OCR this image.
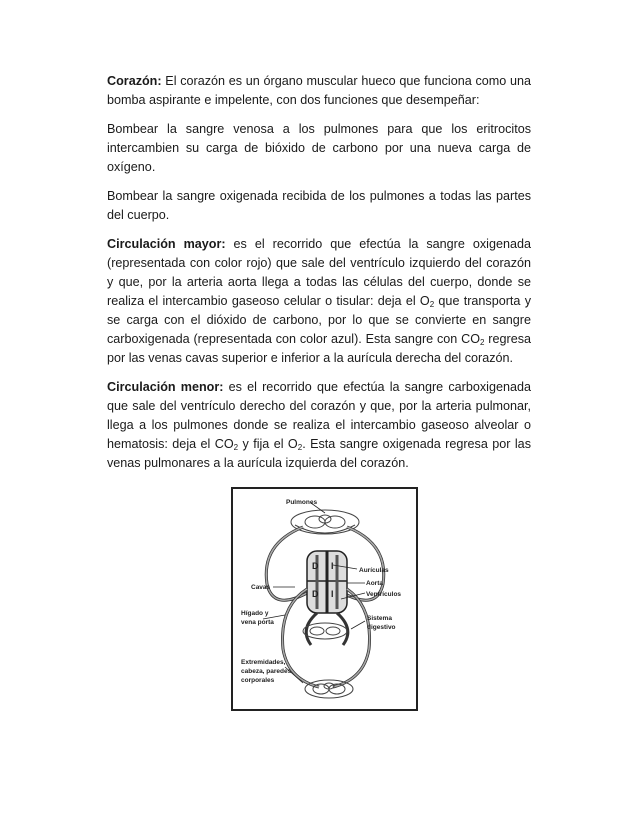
Corazón: El corazón es un órgano muscular hueco que funciona como una bomba aspirante e impelente, con dos funciones que desempeñar:

Bombear la sangre venosa a los pulmones para que los eritrocitos intercambien su carga de bióxido de carbono por una nueva carga de oxígeno.

Bombear la sangre oxigenada recibida de los pulmones a todas las partes del cuerpo.

Circulación mayor: es el recorrido que efectúa la sangre oxigenada (representada con color rojo) que sale del ventrículo izquierdo del corazón y que, por la arteria aorta llega a todas las células del cuerpo, donde se realiza el intercambio gaseoso celular o tisular: deja el $O_2$ que transporta y se carga con el dióxido de carbono, por lo que se convierte en sangre carboxigenada (representada con color azul). Esta sangre con $CO_2$ regresa por las venas cavas superior e inferior a la aurícula derecha del corazón.

Circulación menor: es el recorrido que efectúa la sangre carboxigenada que sale del ventrículo derecho del corazón y que, por la arteria pulmonar, llega a los pulmones donde se realiza el intercambio gaseoso alveolar o hematosis: deja el $CO_2$ y fija el $O_2$. Esta sangre oxigenada regresa por las venas pulmonares a la aurícula izquierda del corazón.

D I
D I
Pulmones
Aurículas
Aorta
Ventrículos
Cavas
Hígado y
vena porta
Sistema
digestivo
Extremidades,
cabeza, paredes
corporales
